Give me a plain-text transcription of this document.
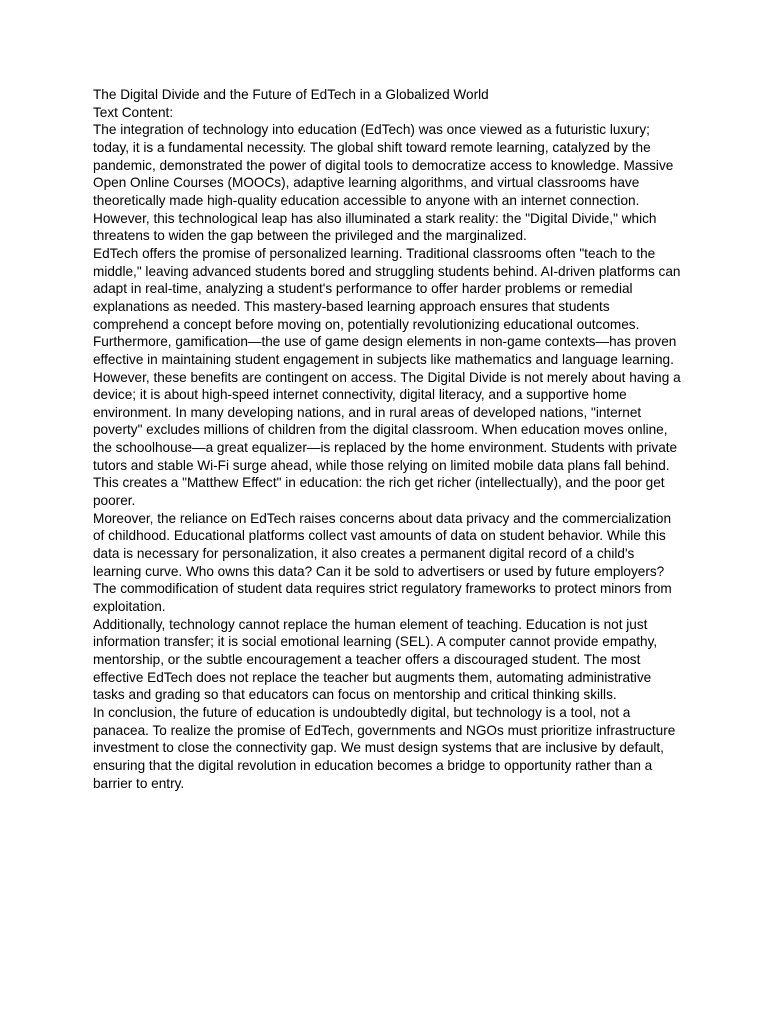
The Digital Divide and the Future of EdTech in a Globalized World

Text Content:

The integration of technology into education (EdTech) was once viewed as a futuristic luxury; today, it is a fundamental necessity. The global shift toward remote learning, catalyzed by the pandemic, demonstrated the power of digital tools to democratize access to knowledge. Massive Open Online Courses (MOOCs), adaptive learning algorithms, and virtual classrooms have theoretically made high-quality education accessible to anyone with an internet connection. However, this technological leap has also illuminated a stark reality: the "Digital Divide," which threatens to widen the gap between the privileged and the marginalized.

EdTech offers the promise of personalized learning. Traditional classrooms often "teach to the middle," leaving advanced students bored and struggling students behind. AI-driven platforms can adapt in real-time, analyzing a student's performance to offer harder problems or remedial explanations as needed. This mastery-based learning approach ensures that students comprehend a concept before moving on, potentially revolutionizing educational outcomes. Furthermore, gamification—the use of game design elements in non-game contexts—has proven effective in maintaining student engagement in subjects like mathematics and language learning.

However, these benefits are contingent on access. The Digital Divide is not merely about having a device; it is about high-speed internet connectivity, digital literacy, and a supportive home environment. In many developing nations, and in rural areas of developed nations, "internet poverty" excludes millions of children from the digital classroom. When education moves online, the schoolhouse—a great equalizer—is replaced by the home environment. Students with private tutors and stable Wi-Fi surge ahead, while those relying on limited mobile data plans fall behind. This creates a "Matthew Effect" in education: the rich get richer (intellectually), and the poor get poorer.

Moreover, the reliance on EdTech raises concerns about data privacy and the commercialization of childhood. Educational platforms collect vast amounts of data on student behavior. While this data is necessary for personalization, it also creates a permanent digital record of a child's learning curve. Who owns this data? Can it be sold to advertisers or used by future employers? The commodification of student data requires strict regulatory frameworks to protect minors from exploitation.

Additionally, technology cannot replace the human element of teaching. Education is not just information transfer; it is social emotional learning (SEL). A computer cannot provide empathy, mentorship, or the subtle encouragement a teacher offers a discouraged student. The most effective EdTech does not replace the teacher but augments them, automating administrative tasks and grading so that educators can focus on mentorship and critical thinking skills.

In conclusion, the future of education is undoubtedly digital, but technology is a tool, not a panacea. To realize the promise of EdTech, governments and NGOs must prioritize infrastructure investment to close the connectivity gap. We must design systems that are inclusive by default, ensuring that the digital revolution in education becomes a bridge to opportunity rather than a barrier to entry.
